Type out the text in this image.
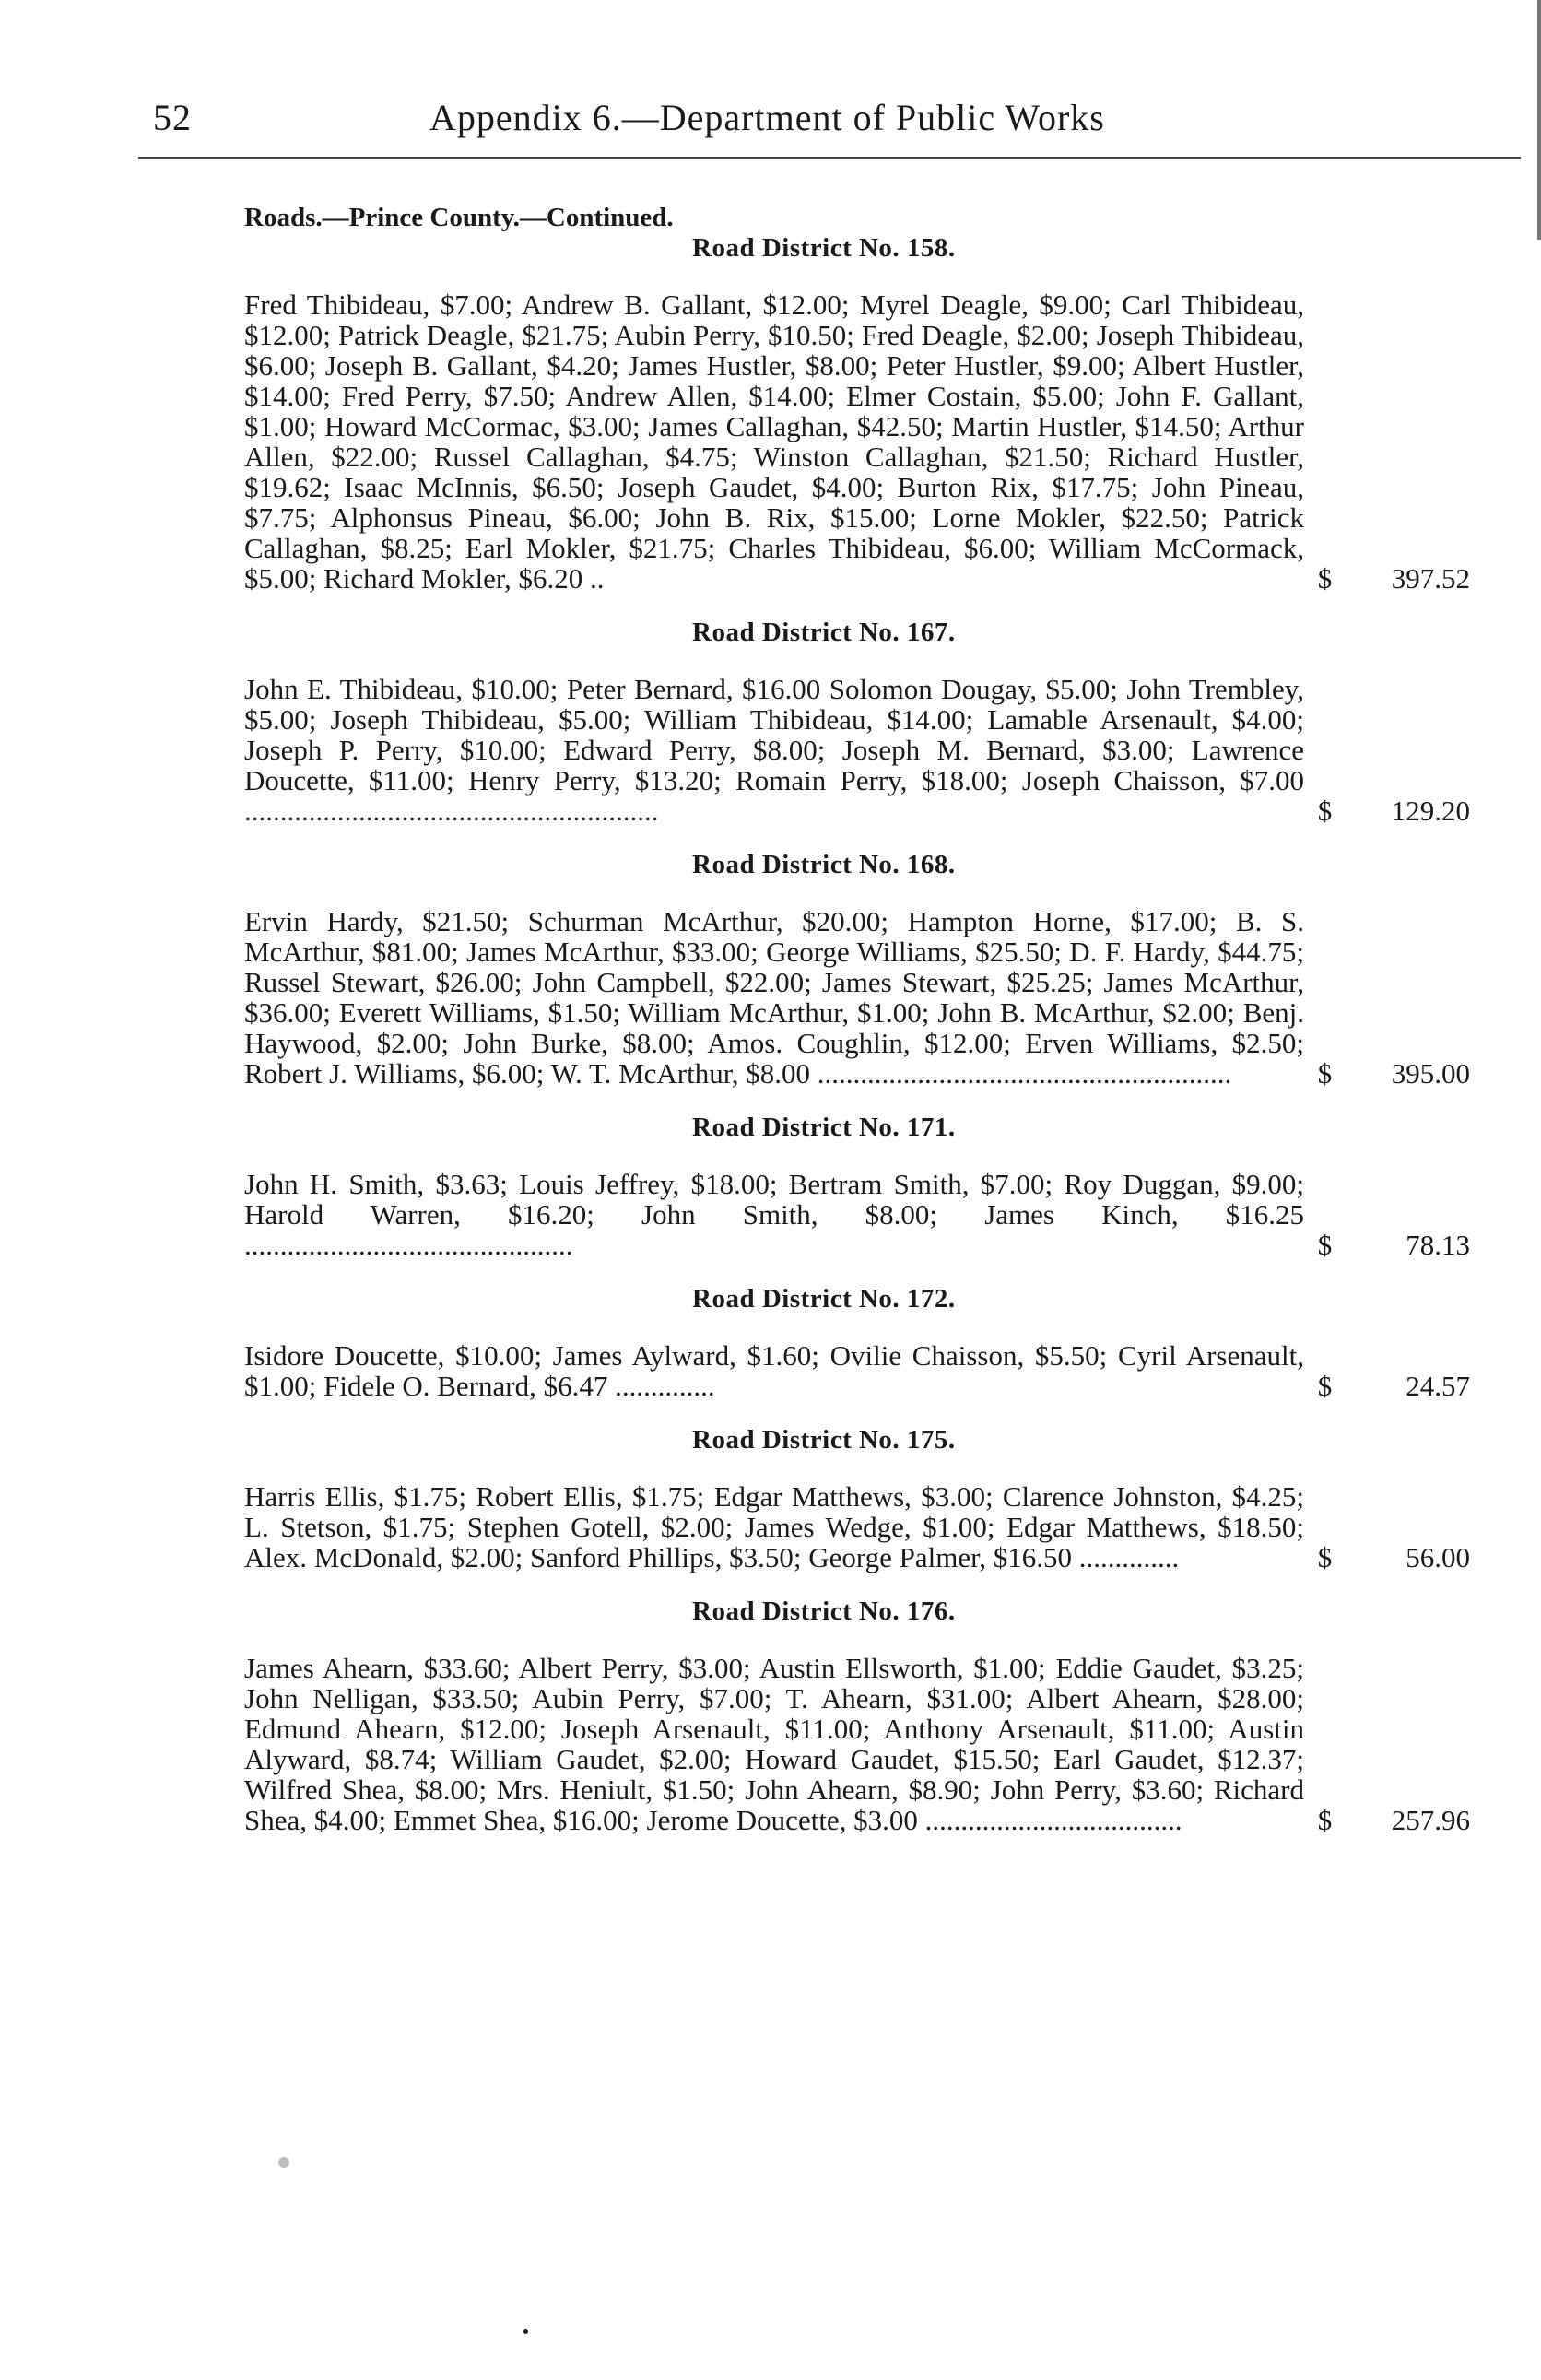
52	Appendix 6.—Department of Public Works

Roads.—Prince County.—Continued.

Road District No. 158.

Fred Thibideau, $7.00; Andrew B. Gallant, $12.00; Myrel Deagle, $9.00; Carl Thibideau, $12.00; Patrick Deagle, $21.75; Aubin Perry, $10.50; Fred Deagle, $2.00; Joseph Thibideau, $6.00; Joseph B. Gallant, $4.20; James Hustler, $8.00; Peter Hustler, $9.00; Albert Hustler, $14.00; Fred Perry, $7.50; Andrew Allen, $14.00; Elmer Costain, $5.00; John F. Gallant, $1.00; Howard McCormac, $3.00; James Callaghan, $42.50; Martin Hustler, $14.50; Arthur Allen, $22.00; Russel Callaghan, $4.75; Winston Callaghan, $21.50; Richard Hustler, $19.62; Isaac McInnis, $6.50; Joseph Gaudet, $4.00; Burton Rix, $17.75; John Pineau, $7.75; Alphonsus Pineau, $6.00; John B. Rix, $15.00; Lorne Mokler, $22.50; Patrick Callaghan, $8.25; Earl Mokler, $21.75; Charles Thibideau, $6.00; William McCormack, $5.00; Richard Mokler, $6.20 ..	$	397.52

Road District No. 167.

John E. Thibideau, $10.00; Peter Bernard, $16.00 Solomon Dougay, $5.00; John Trembley, $5.00; Joseph Thibideau, $5.00; William Thibideau, $14.00; Lamable Arsenault, $4.00; Joseph P. Perry, $10.00; Edward Perry, $8.00; Joseph M. Bernard, $3.00; Lawrence Doucette, $11.00; Henry Perry, $13.20; Romain Perry, $18.00; Joseph Chaisson, $7.00 ..........................................................	$	129.20

Road District No. 168.

Ervin Hardy, $21.50; Schurman McArthur, $20.00; Hampton Horne, $17.00; B. S. McArthur, $81.00; James McArthur, $33.00; George Williams, $25.50; D. F. Hardy, $44.75; Russel Stewart, $26.00; John Campbell, $22.00; James Stewart, $25.25; James McArthur, $36.00; Everett Williams, $1.50; William McArthur, $1.00; John B. McArthur, $2.00; Benj. Haywood, $2.00; John Burke, $8.00; Amos. Coughlin, $12.00; Erven Williams, $2.50; Robert J. Williams, $6.00; W. T. McArthur, $8.00 ..........................................................	$	395.00

Road District No. 171.

John H. Smith, $3.63; Louis Jeffrey, $18.00; Bertram Smith, $7.00; Roy Duggan, $9.00; Harold Warren, $16.20; John Smith, $8.00; James Kinch, $16.25 ..............................................	$	78.13

Road District No. 172.

Isidore Doucette, $10.00; James Aylward, $1.60; Ovilie Chaisson, $5.50; Cyril Arsenault, $1.00; Fidele O. Bernard, $6.47 ..............	$	24.57

Road District No. 175.

Harris Ellis, $1.75; Robert Ellis, $1.75; Edgar Matthews, $3.00; Clarence Johnston, $4.25; L. Stetson, $1.75; Stephen Gotell, $2.00; James Wedge, $1.00; Edgar Matthews, $18.50; Alex. McDonald, $2.00; Sanford Phillips, $3.50; George Palmer, $16.50 ..............	$	56.00

Road District No. 176.

James Ahearn, $33.60; Albert Perry, $3.00; Austin Ellsworth, $1.00; Eddie Gaudet, $3.25; John Nelligan, $33.50; Aubin Perry, $7.00; T. Ahearn, $31.00; Albert Ahearn, $28.00; Edmund Ahearn, $12.00; Joseph Arsenault, $11.00; Anthony Arsenault, $11.00; Austin Alyward, $8.74; William Gaudet, $2.00; Howard Gaudet, $15.50; Earl Gaudet, $12.37; Wilfred Shea, $8.00; Mrs. Heniult, $1.50; John Ahearn, $8.90; John Perry, $3.60; Richard Shea, $4.00; Emmet Shea, $16.00; Jerome Doucette, $3.00 ....................................	$	257.96
